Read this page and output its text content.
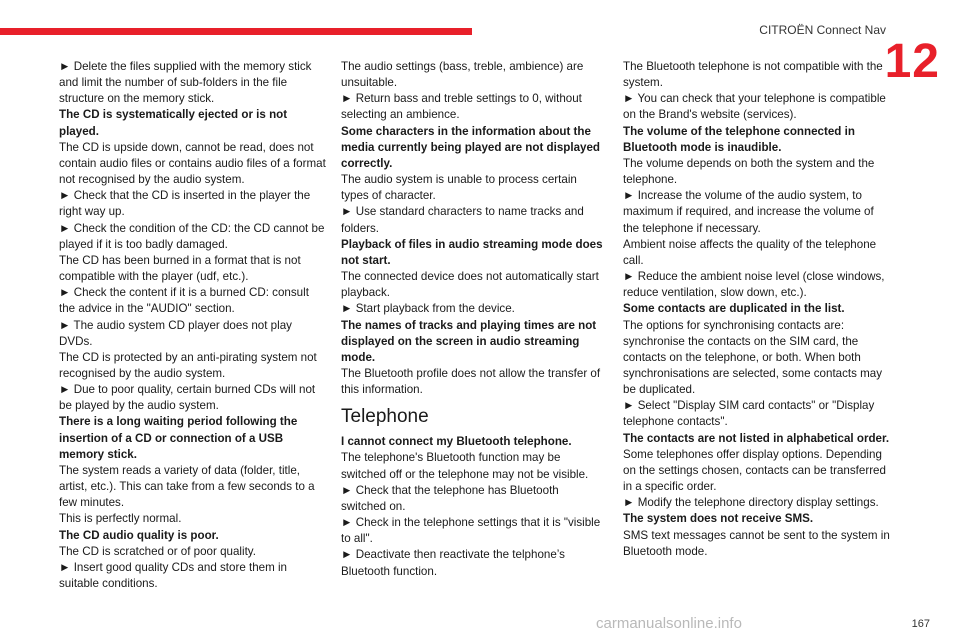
CITROËN Connect Nav
12

► Delete the files supplied with the memory stick and limit the number of sub-folders in the file structure on the memory stick.

The CD is systematically ejected or is not played.

The CD is upside down, cannot be read, does not contain audio files or contains audio files of a format not recognised by the audio system.

► Check that the CD is inserted in the player the right way up.

► Check the condition of the CD: the CD cannot be played if it is too badly damaged.

The CD has been burned in a format that is not compatible with the player (udf, etc.).

► Check the content if it is a burned CD: consult the advice in the "AUDIO" section.

► The audio system CD player does not play DVDs.

The CD is protected by an anti-pirating system not recognised by the audio system.

► Due to poor quality, certain burned CDs will not be played by the audio system.

There is a long waiting period following the insertion of a CD or connection of a USB memory stick.

The system reads a variety of data (folder, title, artist, etc.). This can take from a few seconds to a few minutes.

This is perfectly normal.

The CD audio quality is poor.

The CD is scratched or of poor quality.

► Insert good quality CDs and store them in suitable conditions.

The audio settings (bass, treble, ambience) are unsuitable.

► Return bass and treble settings to 0, without selecting an ambience.

Some characters in the information about the media currently being played are not displayed correctly.

The audio system is unable to process certain types of character.

► Use standard characters to name tracks and folders.

Playback of files in audio streaming mode does not start.

The connected device does not automatically start playback.

► Start playback from the device.

The names of tracks and playing times are not displayed on the screen in audio streaming mode.

The Bluetooth profile does not allow the transfer of this information.

Telephone

I cannot connect my Bluetooth telephone.

The telephone's Bluetooth function may be switched off or the telephone may not be visible.

► Check that the telephone has Bluetooth switched on.

► Check in the telephone settings that it is "visible to all".

► Deactivate then reactivate the telphone’s Bluetooth function.

The Bluetooth telephone is not compatible with the system.

► You can check that your telephone is compatible on the Brand's website (services).

The volume of the telephone connected in Bluetooth mode is inaudible.

The volume depends on both the system and the telephone.

► Increase the volume of the audio system, to maximum if required, and increase the volume of the telephone if necessary.

Ambient noise affects the quality of the telephone call.

► Reduce the ambient noise level (close windows, reduce ventilation, slow down, etc.).

Some contacts are duplicated in the list.

The options for synchronising contacts are: synchronise the contacts on the SIM card, the contacts on the telephone, or both. When both synchronisations are selected, some contacts may be duplicated.

► Select "Display SIM card contacts" or "Display telephone contacts".

The contacts are not listed in alphabetical order.

Some telephones offer display options. Depending on the settings chosen, contacts can be transferred in a specific order.

► Modify the telephone directory display settings.

The system does not receive SMS.

SMS text messages cannot be sent to the system in Bluetooth mode.

carmanualsonline.info	167
